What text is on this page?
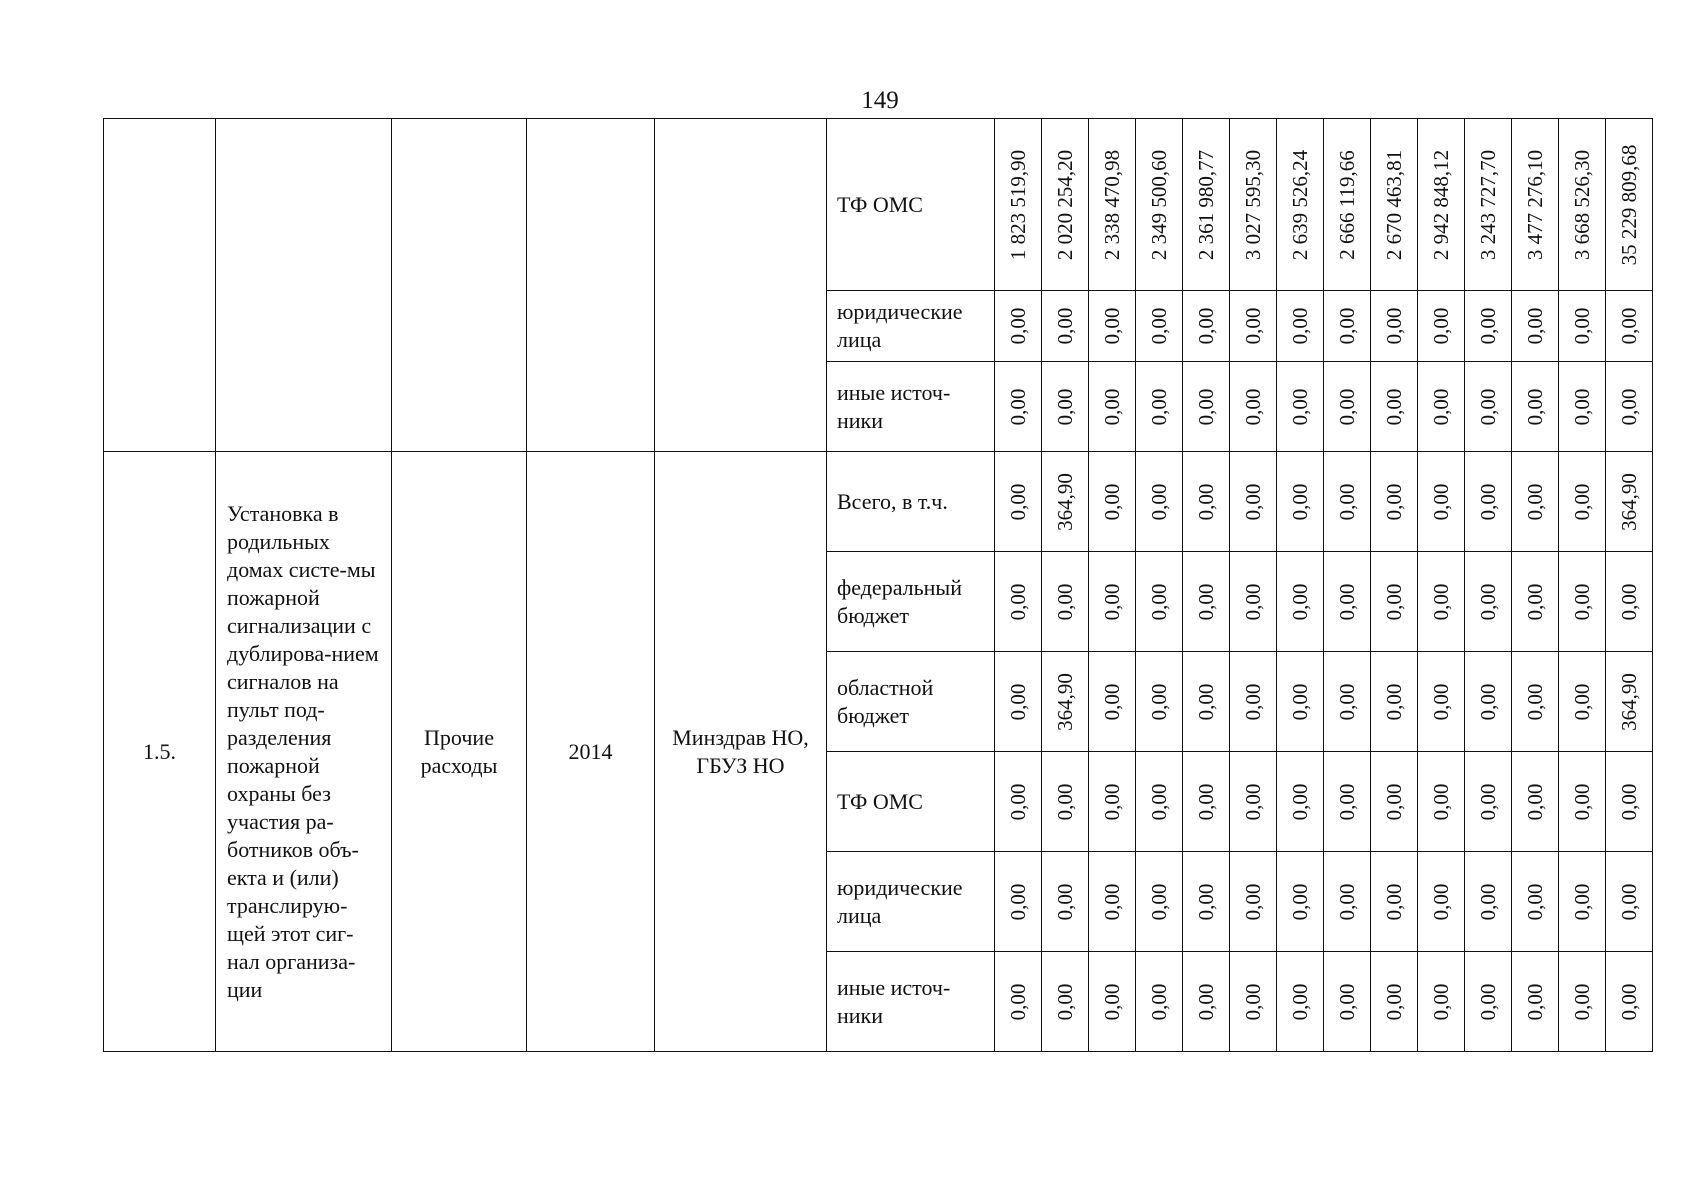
149
					ТФ ОМС	1 823 519,90	2 020 254,20	2 338 470,98	2 349 500,60	2 361 980,77	3 027 595,30	2 639 526,24	2 666 119,66	2 670 463,81	2 942 848,12	3 243 727,70	3 477 276,10	3 668 526,30	35 229 809,68

					юридические лица	0,00	0,00	0,00	0,00	0,00	0,00	0,00	0,00	0,00	0,00	0,00	0,00	0,00	0,00

					иные источ-ники	0,00	0,00	0,00	0,00	0,00	0,00	0,00	0,00	0,00	0,00	0,00	0,00	0,00	0,00

1.5.	Установка в родильных домах систе-мы пожарной сигнализации с дублирова-нием сигналов на пульт под-разделения пожарной охраны без участия ра-ботников объ-екта и (или) транслирую-щей этот сиг-нал организа-ции	Прочие расходы	2014	Минздрав НО, ГБУЗ НО	Всего, в т.ч.	0,00	364,90	0,00	0,00	0,00	0,00	0,00	0,00	0,00	0,00	0,00	0,00	0,00	364,90

					федеральный бюджет	0,00	0,00	0,00	0,00	0,00	0,00	0,00	0,00	0,00	0,00	0,00	0,00	0,00	0,00

					областной бюджет	0,00	364,90	0,00	0,00	0,00	0,00	0,00	0,00	0,00	0,00	0,00	0,00	0,00	364,90

					ТФ ОМС	0,00	0,00	0,00	0,00	0,00	0,00	0,00	0,00	0,00	0,00	0,00	0,00	0,00	0,00

					юридические лица	0,00	0,00	0,00	0,00	0,00	0,00	0,00	0,00	0,00	0,00	0,00	0,00	0,00	0,00

					иные источ-ники	0,00	0,00	0,00	0,00	0,00	0,00	0,00	0,00	0,00	0,00	0,00	0,00	0,00	0,00
